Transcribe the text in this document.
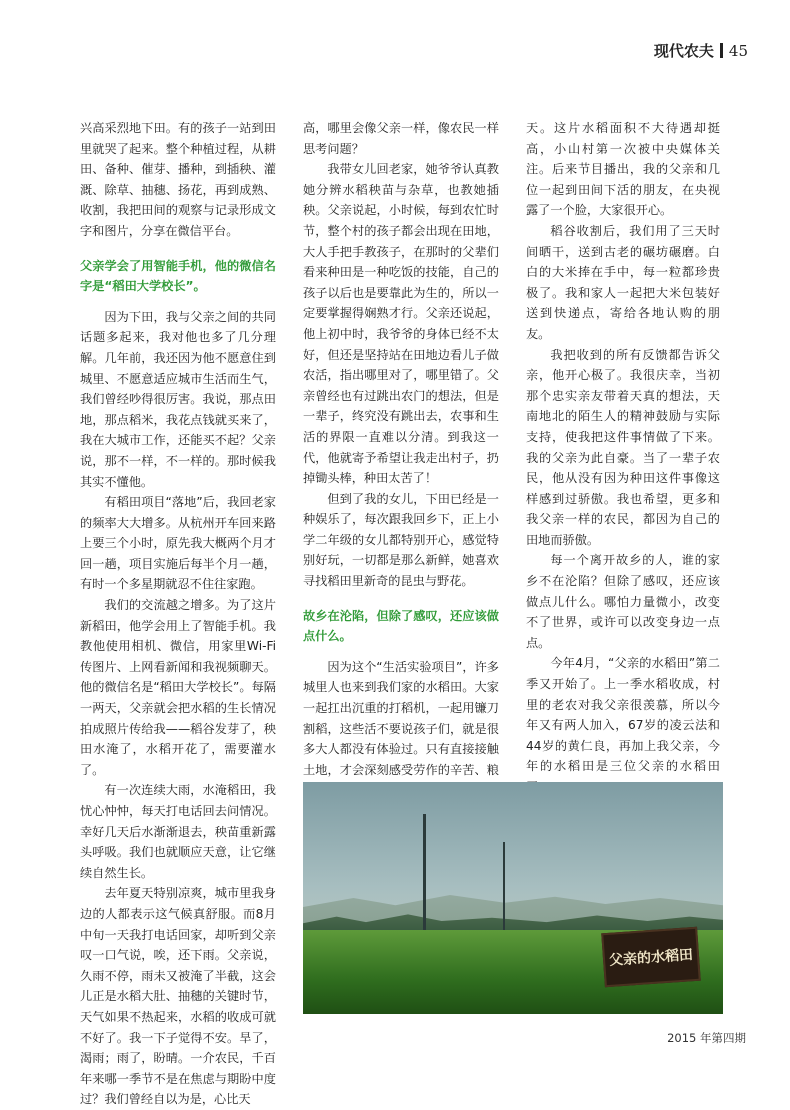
现代农夫 45

兴高采烈地下田。有的孩子一站到田里就哭了起来。整个种植过程，从耕田、备种、催芽、播种，到插秧、灌溉、除草、抽穗、扬花，再到成熟、收割，我把田间的观察与记录形成文字和图片，分享在微信平台。

父亲学会了用智能手机，他的微信名字是“稻田大学校长”。

因为下田，我与父亲之间的共同话题多起来，我对他也多了几分理解。几年前，我还因为他不愿意住到城里、不愿意适应城市生活而生气，我们曾经吵得很厉害。我说，那点田地，那点稻米，我花点钱就买来了，我在大城市工作，还能买不起？父亲说，那不一样，不一样的。那时候我其实不懂他。

有稻田项目“落地”后，我回老家的频率大大增多。从杭州开车回来路上要三个小时，原先我大概两个月才回一趟，项目实施后每半个月一趟，有时一个多星期就忍不住往家跑。

我们的交流越之增多。为了这片新稻田，他学会用上了智能手机。我教他使用相机、微信，用家里Wi-Fi传图片、上网看新闻和我视频聊天。他的微信名是“稻田大学校长”。每隔一两天，父亲就会把水稻的生长情况拍成照片传给我——稻谷发芽了，秧田水淹了，水稻开花了，需要灌水了。

有一次连续大雨，水淹稻田，我忧心忡忡，每天打电话回去问情况。幸好几天后水渐渐退去，秧苗重新露头呼吸。我们也就顺应天意，让它继续自然生长。

去年夏天特别凉爽，城市里我身边的人都表示这气候真舒服。而8月中旬一天我打电话回家，却听到父亲叹一口气说，唉，还下雨。父亲说，久雨不停，雨未又被淹了半截，这会儿正是水稻大肚、抽穗的关键时节，天气如果不热起来，水稻的收成可就不好了。我一下子觉得不安。旱了，渴雨；雨了，盼晴。一介农民，千百年来哪一季节不是在焦虑与期盼中度过？我们曾经自以为是，心比天

高，哪里会像父亲一样，像农民一样思考问题？

我带女儿回老家，她爷爷认真教她分辨水稻秧苗与杂草，也教她插秧。父亲说起，小时候，每到农忙时节，整个村的孩子都会出现在田地，大人手把手教孩子，在那时的父辈们看来种田是一种吃饭的技能，自己的孩子以后也是要靠此为生的，所以一定要掌握得娴熟才行。父亲还说起，他上初中时，我爷爷的身体已经不太好，但还是坚持站在田地边看儿子做农活，指出哪里对了，哪里错了。父亲曾经也有过跳出农门的想法，但是一辈子，终究没有跳出去，农事和生活的界限一直难以分清。到我这一代，他就寄予希望让我走出村子，扔掉锄头棒，种田太苦了！

但到了我的女儿，下田已经是一种娱乐了，每次跟我回乡下，正上小学二年级的女儿都特别开心，感觉特别好玩，一切都是那么新鲜，她喜欢寻找稻田里新奇的昆虫与野花。

故乡在沦陷，但除了感叹，还应该做点什么。

因为这个“生活实验项目”，许多城里人也来到我们家的水稻田。大家一起扛出沉重的打稻机，一起用镰刀割稻，这些活不要说孩子们，就是很多大人都没有体验过。只有直接接触土地，才会深刻感受劳作的辛苦、粮

天。这片水稻面积不大待遇却挺高，小山村第一次被中央媒体关注。后来节目播出，我的父亲和几位一起到田间下活的朋友，在央视露了一个脸，大家很开心。

稻谷收割后，我们用了三天时间晒干，送到古老的碾坊碾磨。白白的大米捧在手中，每一粒都珍贵极了。我和家人一起把大米包装好送到快递点，寄给各地认购的朋友。

我把收到的所有反馈都告诉父亲，他开心极了。我很庆幸，当初那个忠实亲友带着天真的想法，天南地北的陌生人的精神鼓励与实际支持，使我把这件事情做了下来。我的父亲为此自豪。当了一辈子农民，他从没有因为种田这件事像这样感到过骄傲。我也希望，更多和我父亲一样的农民，都因为自己的田地而骄傲。

每一个离开故乡的人，谁的家乡不在沦陷？但除了感叹，还应该做点儿什么。哪怕力量微小，改变不了世界，或许可以改变身边一点点。

今年4月，“父亲的水稻田”第二季又开始了。上一季水稻收成，村里的老农对我父亲很羡慕，所以今年又有两人加入，67岁的凌云法和44岁的黄仁良，再加上我父亲，今年的水稻田是三位父亲的水稻田

父亲的水稻田
2015 年第四期
